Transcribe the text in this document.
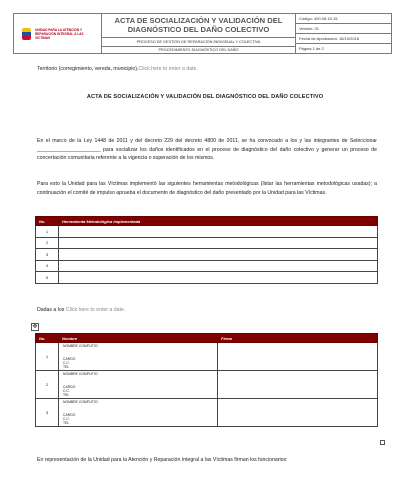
UNIDAD PARA LA ATENCIÓN Y REPARACIÓN INTEGRAL A LAS VÍCTIMAS
ACTA DE SOCIALIZACIÓN Y VALIDACIÓN DEL DIAGNÓSTICO DEL DAÑO COLECTIVO
PROCESO DE GESTIÓN DE REPARACIÓN INDIVIDUAL Y COLECTIVA
PROCEDIMIENTO DIAGNÓSTICO DEL DAÑO
Código: 400.08.15-15
Versión: 01
Fecha de Aprobación: 18/10/2016
Página 1 de 2
Territorio (corregimiento, vereda, municipio),Click here to enter a date.
ACTA DE SOCIALIZACIÓN Y VALIDACIÓN DEL DIAGNÓSTICO DEL DAÑO COLECTIVO
En el marco de la Ley 1448 de 2011 y del decreto 229 del decreto 4800 de 2011, se ha convocado a los y las integrantes de Seleccionar ______________________ para socializar los daños identificados en el proceso de diagnóstico del daño colectivo y generar un proceso de concertación comunitaria referente a la vigencia o superación de los mismos.
Para esto la Unidad para las Víctimas implementó las siguientes herramientas metodológicas (listar las herramientas metodológicas usadas); a continuación el comité de impulso aprueba el documento de diagnóstico del daño presentado por la Unidad para las Víctimas.
No.	Herramienta Metodológica implementada
1	
2	
3	
4	
5	
Dadas a los Click here to enter a date.
✥
No.	Nombre	Firma
1	NOMBRE COMPLETO
CARGO
C.C.
TEL	

2	NOMBRE COMPLETO
CARGO
C.C.
TEL	

3	NOMBRE COMPLETO
CARGO
C.C.
TEL	

En representación de la Unidad para la Atención y Reparación Integral a las Víctimas firman los funcionarios:
